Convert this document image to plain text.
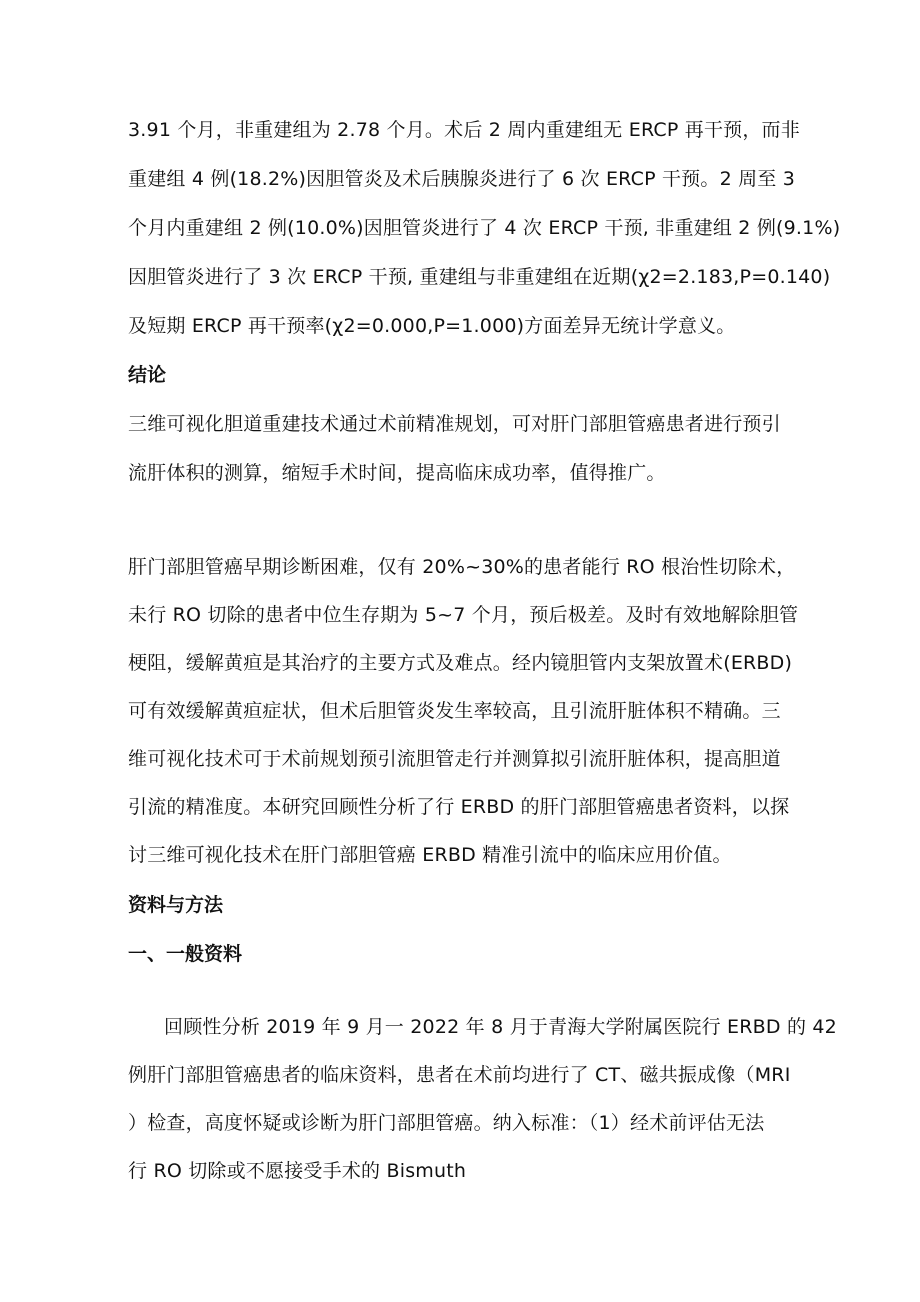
3.91 个月，非重建组为 2.78 个月。术后 2 周内重建组无 ERCP 再干预，而非
重建组 4 例(18.2%)因胆管炎及术后胰腺炎进行了 6 次 ERCP 干预。2 周至 3
个月内重建组 2 例(10.0%)因胆管炎进行了 4 次 ERCP 干预, 非重建组 2 例(9.1%)
因胆管炎进行了 3 次 ERCP 干预, 重建组与非重建组在近期(χ2=2.183,P=0.140)
及短期 ERCP 再干预率(χ2=0.000,P=1.000)方面差异无统计学意义。
结论
三维可视化胆道重建技术通过术前精准规划，可对肝门部胆管癌患者进行预引
流肝体积的测算，缩短手术时间，提高临床成功率，值得推广。
肝门部胆管癌早期诊断困难，仅有 20%~30%的患者能行 RO 根治性切除术，
未行 RO 切除的患者中位生存期为 5~7 个月，预后极差。及时有效地解除胆管
梗阻，缓解黄疸是其治疗的主要方式及难点。经内镜胆管内支架放置术(ERBD)
可有效缓解黄疸症状，但术后胆管炎发生率较高，且引流肝脏体积不精确。三
维可视化技术可于术前规划预引流胆管走行并测算拟引流肝脏体积，提高胆道
引流的精准度。本研究回顾性分析了行 ERBD 的肝门部胆管癌患者资料，以探
讨三维可视化技术在肝门部胆管癌 ERBD 精准引流中的临床应用价值。
资料与方法
一、一般资料
回顾性分析 2019 年 9 月一 2022 年 8 月于青海大学附属医院行 ERBD 的 42
例肝门部胆管癌患者的临床资料，患者在术前均进行了 CT、磁共振成像（MRI
）检查，高度怀疑或诊断为肝门部胆管癌。纳入标准：（1）经术前评估无法
行 RO 切除或不愿接受手术的 Bismuth
